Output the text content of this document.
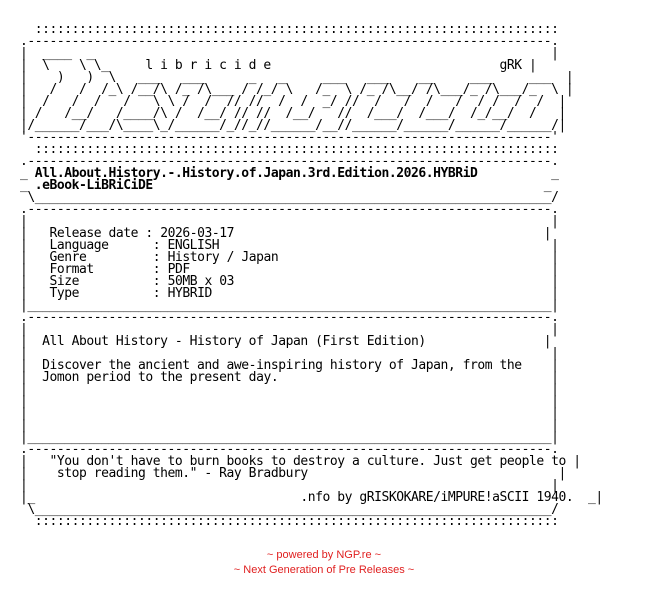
:::::::::::::::::::::::::::::::::::::::::::::::::::::::::::::::::::::::
.-----------------------------------------------------------------------.
|  ____  _                                                              |
|  \    \ \_	l i b r i c i d e	gRK |
|    )   )  \   ___   ___      _   _     ___   ___    __     ___     ___  |
|   /   /  /_\ /__/\ /_ /\___ / /_/ \   /_  \ /_ /\__/ /\___/_ /\___/_  \ |
|  /   /  /   /   \ \ /  /  // //  /  /  _/ //  /   /  /   /  / /  /  /  |
| /   /__/   /____/\ /  /__/ // //  /__/   //  /___/  /___/  /_/__/  /   |
|/______/___/\____\_/______/_//_//______/__//______/______/______/______/|
'-----------------------------------------------------------------------'
:::::::::::::::::::::::::::::::::::::::::::::::::::::::::::::::::::::::
.-----------------------------------------------------------------------.
_ All.About.History.-.History.of.Japan.3rd.Edition.2026.HYBRiD	_
_ .eBook-LiBRiCiDE	_
\______________________________________________________________________/
.-----------------------------------------------------------------------.
|                                                                       |
|   Release date : 2026-03-17                                          |
|   Language      : ENGLISH                                             |
|   Genre         : History / Japan                                     |
|   Format        : PDF                                                 |
|   Size          : 50MB x 03                                           |
|   Type          : HYBRID                                              |
|_______________________________________________________________________|
.-----------------------------------------------------------------------.
|                                                                       |
|  All About History - History of Japan (First Edition)                |
|                                                                       |
|  Discover the ancient and awe-inspiring history of Japan, from the    |
|  Jomon period to the present day.                                     |
|                                                                       |
|                                                                       |
|                                                                       |
|                                                                       |
|_______________________________________________________________________|
.-----------------------------------------------------------------------.
|   "You don't have to burn books to destroy a culture. Just get people to |
|    stop reading them." - Ray Bradbury                                  |
|                                                                       |
|_                                    .nfo by gRISKOKARE/iMPURE!aSCII 1940.  _|
\______________________________________________________________________/
:::::::::::::::::::::::::::::::::::::::::::::::::::::::::::::::::::::::
~ powered by NGP.re ~
~ Next Generation of Pre Releases ~
